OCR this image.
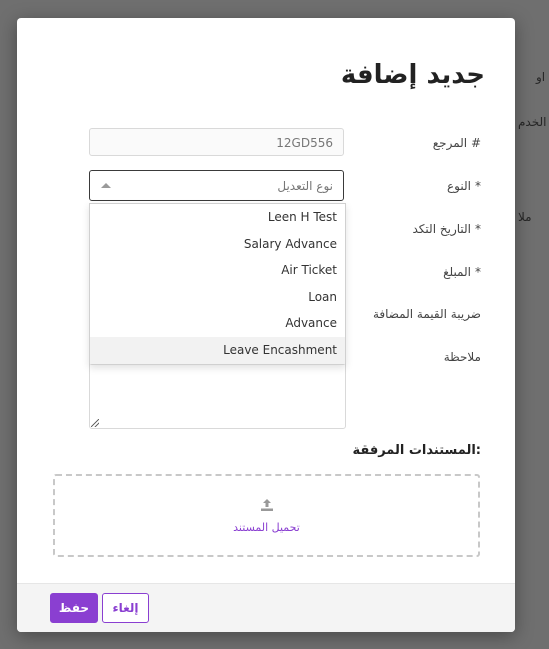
جديد إضافة
المرجع #
12GD556
النوع *
نوع التعديل
Leen H Test
Salary Advance
Air Ticket
Loan
Advance
Leave Encashment
التاريخ التكد *
المبلغ *
ضريبة القيمة المضافة
ملاحظة
المستندات المرفقة:
تحميل المستند
حفظ	إلغاء
